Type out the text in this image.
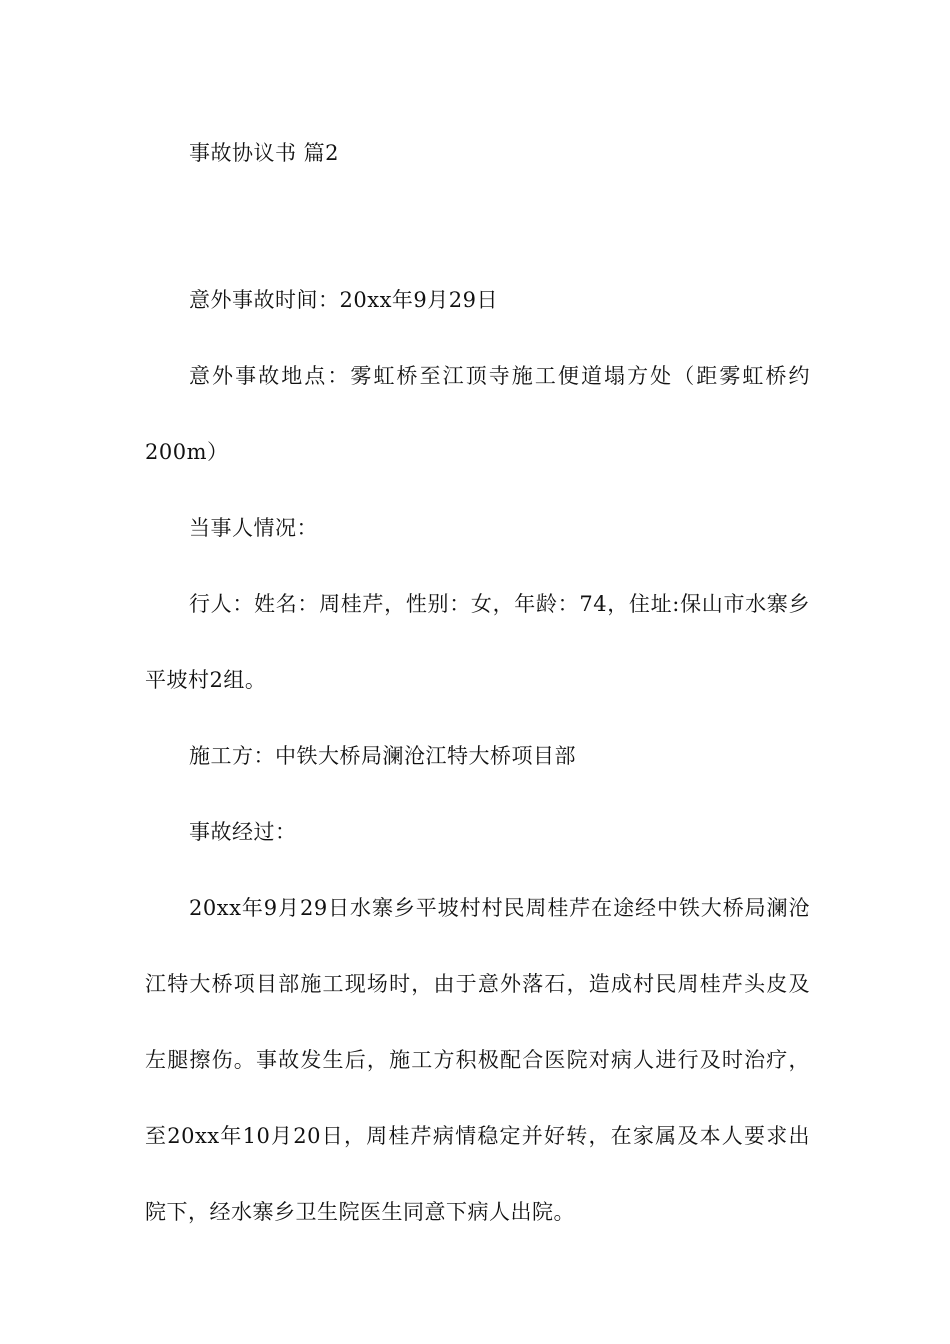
事故协议书 篇2

意外事故时间：20xx年9月29日

意外事故地点：雾虹桥至江顶寺施工便道塌方处（距雾虹桥约200m）

当事人情况：

行人：姓名：周桂芹，性别：女，年龄：74，住址:保山市水寨乡平坡村2组。

施工方：中铁大桥局澜沧江特大桥项目部

事故经过：

20xx年9月29日水寨乡平坡村村民周桂芹在途经中铁大桥局澜沧江特大桥项目部施工现场时，由于意外落石，造成村民周桂芹头皮及左腿擦伤。事故发生后，施工方积极配合医院对病人进行及时治疗，至20xx年10月20日，周桂芹病情稳定并好转，在家属及本人要求出院下，经水寨乡卫生院医生同意下病人出院。
